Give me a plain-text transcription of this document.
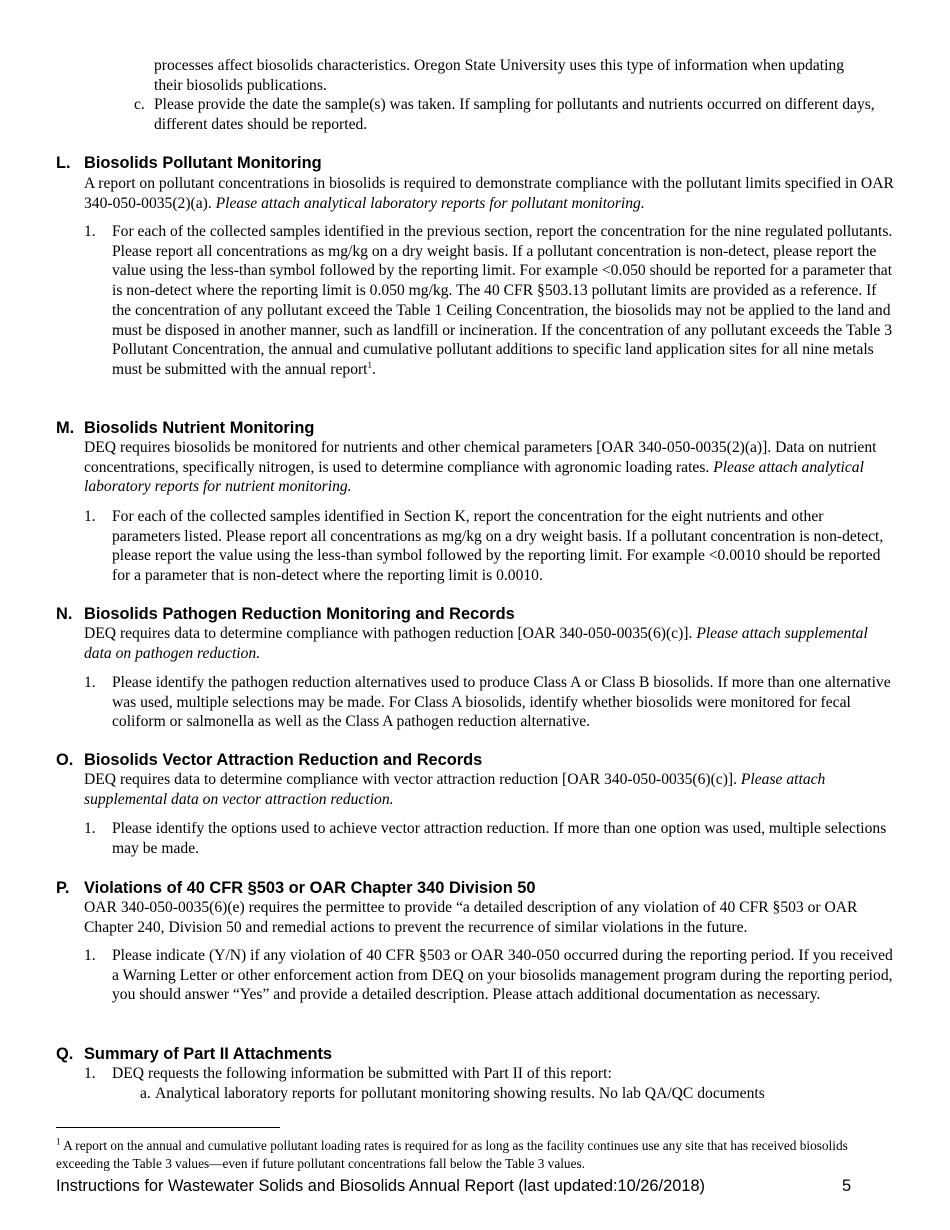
processes affect biosolids characteristics. Oregon State University uses this type of information when updating their biosolids publications.
c. Please provide the date the sample(s) was taken. If sampling for pollutants and nutrients occurred on different days, different dates should be reported.
L. Biosolids Pollutant Monitoring
A report on pollutant concentrations in biosolids is required to demonstrate compliance with the pollutant limits specified in OAR 340-050-0035(2)(a). Please attach analytical laboratory reports for pollutant monitoring.
1. For each of the collected samples identified in the previous section, report the concentration for the nine regulated pollutants. Please report all concentrations as mg/kg on a dry weight basis. If a pollutant concentration is non-detect, please report the value using the less-than symbol followed by the reporting limit. For example <0.050 should be reported for a parameter that is non-detect where the reporting limit is 0.050 mg/kg. The 40 CFR §503.13 pollutant limits are provided as a reference. If the concentration of any pollutant exceed the Table 1 Ceiling Concentration, the biosolids may not be applied to the land and must be disposed in another manner, such as landfill or incineration. If the concentration of any pollutant exceeds the Table 3 Pollutant Concentration, the annual and cumulative pollutant additions to specific land application sites for all nine metals must be submitted with the annual report$^1$.
M. Biosolids Nutrient Monitoring
DEQ requires biosolids be monitored for nutrients and other chemical parameters [OAR 340-050-0035(2)(a)]. Data on nutrient concentrations, specifically nitrogen, is used to determine compliance with agronomic loading rates. Please attach analytical laboratory reports for nutrient monitoring.
1. For each of the collected samples identified in Section K, report the concentration for the eight nutrients and other parameters listed. Please report all concentrations as mg/kg on a dry weight basis. If a pollutant concentration is non-detect, please report the value using the less-than symbol followed by the reporting limit. For example <0.0010 should be reported for a parameter that is non-detect where the reporting limit is 0.0010.
N. Biosolids Pathogen Reduction Monitoring and Records
DEQ requires data to determine compliance with pathogen reduction [OAR 340-050-0035(6)(c)]. Please attach supplemental data on pathogen reduction.
1. Please identify the pathogen reduction alternatives used to produce Class A or Class B biosolids. If more than one alternative was used, multiple selections may be made. For Class A biosolids, identify whether biosolids were monitored for fecal coliform or salmonella as well as the Class A pathogen reduction alternative.
O. Biosolids Vector Attraction Reduction and Records
DEQ requires data to determine compliance with vector attraction reduction [OAR 340-050-0035(6)(c)]. Please attach supplemental data on vector attraction reduction.
1. Please identify the options used to achieve vector attraction reduction. If more than one option was used, multiple selections may be made.
P. Violations of 40 CFR §503 or OAR Chapter 340 Division 50
OAR 340-050-0035(6)(e) requires the permittee to provide “a detailed description of any violation of 40 CFR §503 or OAR Chapter 240, Division 50 and remedial actions to prevent the recurrence of similar violations in the future.
1. Please indicate (Y/N) if any violation of 40 CFR §503 or OAR 340-050 occurred during the reporting period. If you received a Warning Letter or other enforcement action from DEQ on your biosolids management program during the reporting period, you should answer “Yes” and provide a detailed description. Please attach additional documentation as necessary.
Q. Summary of Part II Attachments
1. DEQ requests the following information be submitted with Part II of this report:
a. Analytical laboratory reports for pollutant monitoring showing results. No lab QA/QC documents
$^1$ A report on the annual and cumulative pollutant loading rates is required for as long as the facility continues use any site that has received biosolids exceeding the Table 3 values—even if future pollutant concentrations fall below the Table 3 values.
Instructions for Wastewater Solids and Biosolids Annual Report (last updated:10/26/2018)	5
